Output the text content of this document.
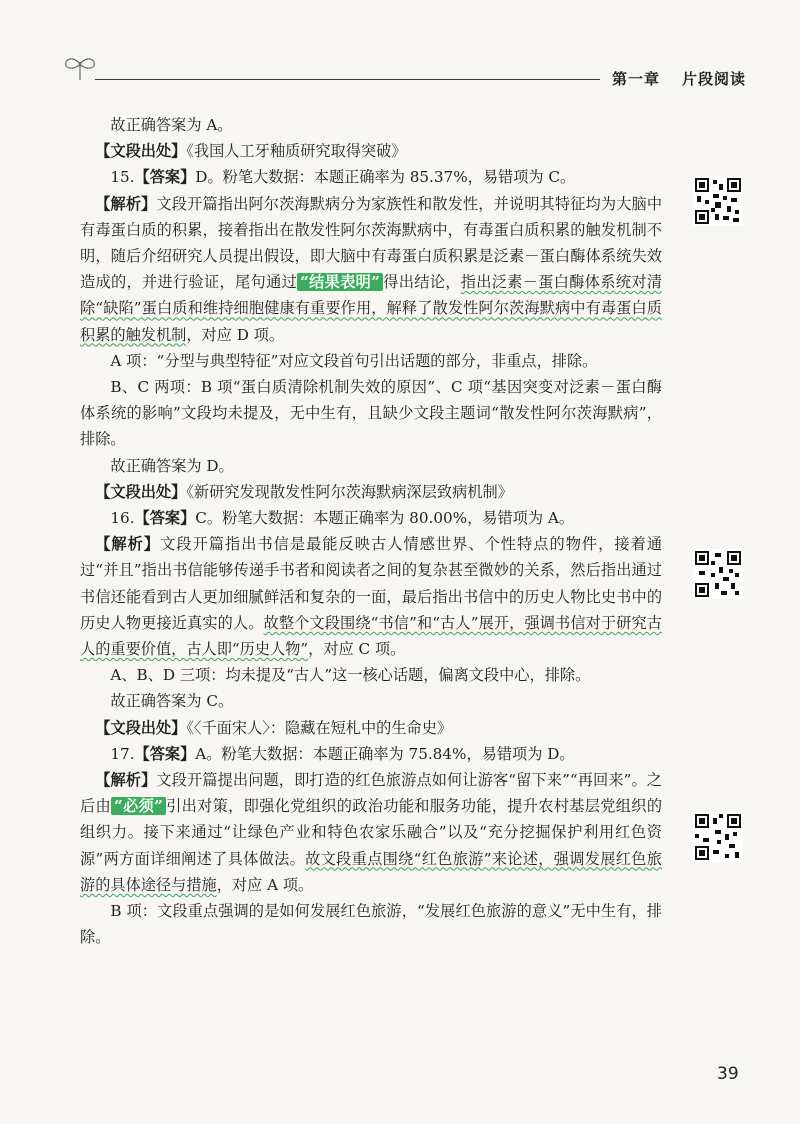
第一章 片段阅读

故正确答案为 A。

【文段出处】《我国人工牙釉质研究取得突破》

15.【答案】D。粉笔大数据：本题正确率为 85.37%，易错项为 C。

【解析】文段开篇指出阿尔茨海默病分为家族性和散发性，并说明其特征均为大脑中有毒蛋白质的积累，接着指出在散发性阿尔茨海默病中，有毒蛋白质积累的触发机制不明，随后介绍研究人员提出假设，即大脑中有毒蛋白质积累是泛素－蛋白酶体系统失效造成的，并进行验证，尾句通过 “结果表明” 得出结论，指出泛素－蛋白酶体系统对清除“缺陷”蛋白质和维持细胞健康有重要作用，解释了散发性阿尔茨海默病中有毒蛋白质积累的触发机制，对应 D 项。

A 项：“分型与典型特征”对应文段首句引出话题的部分，非重点，排除。

B、C 两项：B 项“蛋白质清除机制失效的原因”、C 项“基因突变对泛素－蛋白酶体系统的影响”文段均未提及，无中生有，且缺少文段主题词“散发性阿尔茨海默病”，排除。

故正确答案为 D。

【文段出处】《新研究发现散发性阿尔茨海默病深层致病机制》

16.【答案】C。粉笔大数据：本题正确率为 80.00%，易错项为 A。

【解析】文段开篇指出书信是最能反映古人情感世界、个性特点的物件，接着通过“并且”指出书信能够传递手书者和阅读者之间的复杂甚至微妙的关系，然后指出通过书信还能看到古人更加细腻鲜活和复杂的一面，最后指出书信中的历史人物比史书中的历史人物更接近真实的人。故整个文段围绕“书信”和“古人”展开，强调书信对于研究古人的重要价值，古人即“历史人物”，对应 C 项。

A、B、D 三项：均未提及“古人”这一核心话题，偏离文段中心，排除。

故正确答案为 C。

【文段出处】《〈千面宋人〉：隐藏在短札中的生命史》

17.【答案】A。粉笔大数据：本题正确率为 75.84%，易错项为 D。

【解析】文段开篇提出问题，即打造的红色旅游点如何让游客“留下来”“再回来”。之后由 “必须” 引出对策，即强化党组织的政治功能和服务功能，提升农村基层党组织的组织力。接下来通过“让绿色产业和特色农家乐融合”以及“充分挖掘保护利用红色资源”两方面详细阐述了具体做法。故文段重点围绕“红色旅游”来论述，强调发展红色旅游的具体途径与措施，对应 A 项。

B 项：文段重点强调的是如何发展红色旅游，“发展红色旅游的意义”无中生有，排除。

39
